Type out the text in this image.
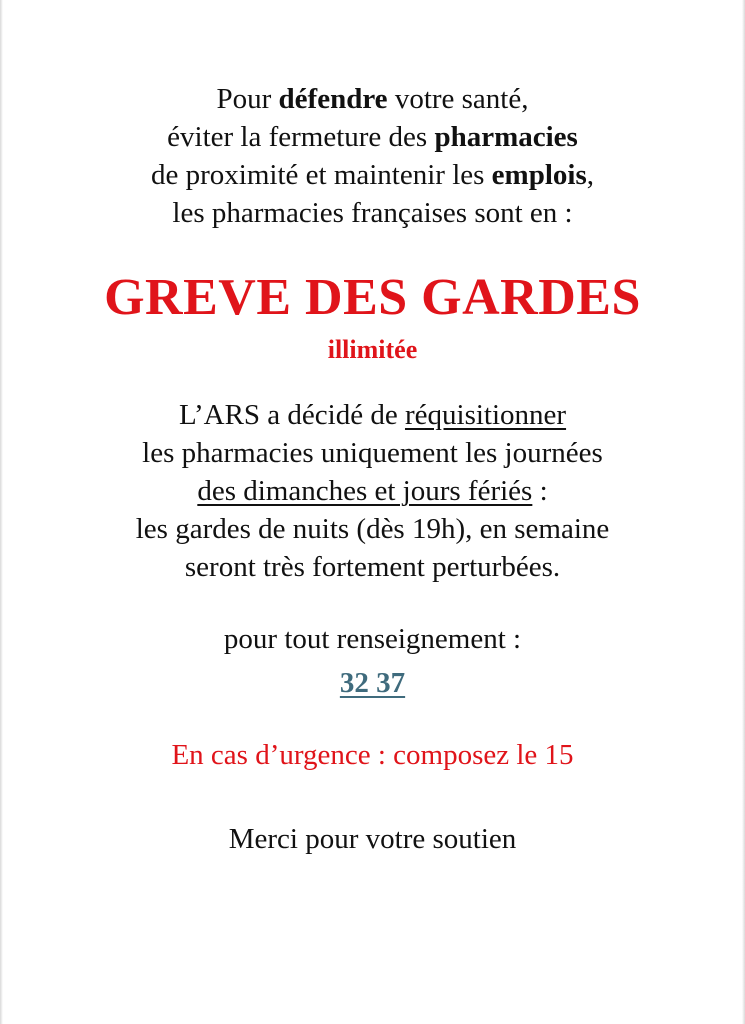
Pour défendre votre santé,
éviter la fermeture des pharmacies
de proximité et maintenir les emplois,
les pharmacies françaises sont en :
GREVE DES GARDES
illimitée
L’ARS a décidé de réquisitionner
les pharmacies uniquement les journées
des dimanches et jours fériés :
les gardes de nuits (dès 19h), en semaine
seront très fortement perturbées.
pour tout renseignement :
32 37
En cas d’urgence : composez le 15
Merci pour votre soutien
